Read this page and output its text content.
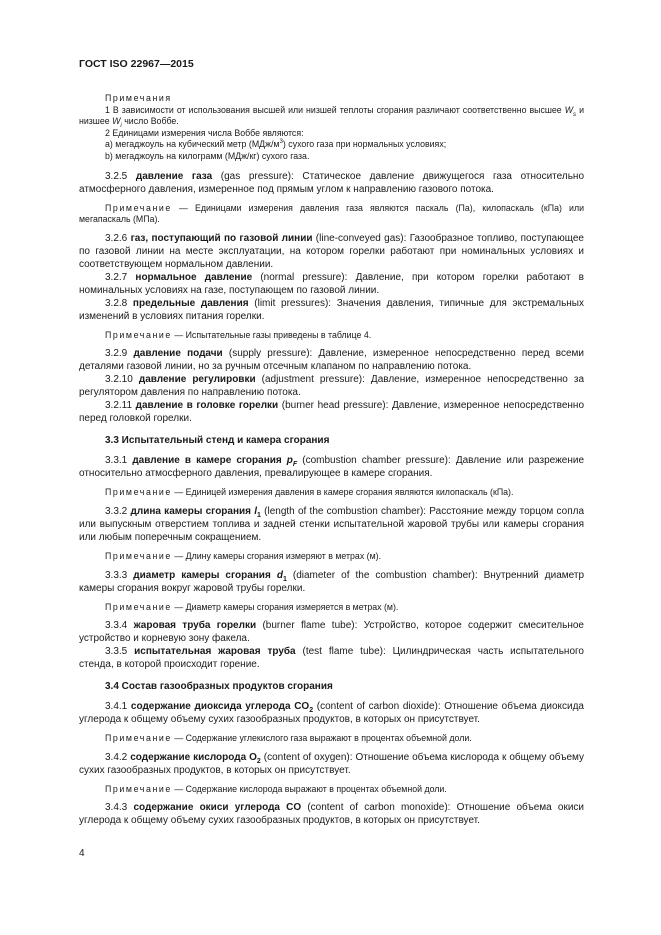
ГОСТ ISO 22967—2015

Примечания

1 В зависимости от использования высшей или низшей теплоты сгорания различают соответственно высшее $W_s$ и низшее $W_i$ число Воббе.

2 Единицами измерения числа Воббе являются:

а) мегаджоуль на кубический метр $(МДж/м^3)$ сухого газа при нормальных условиях;

b) мегаджоуль на килограмм (МДж/кг) сухого газа.

3.2.5 давление газа (gas pressure): Статическое давление движущегося газа относительно атмосферного давления, измеренное под прямым углом к направлению газового потока.

Примечание — Единицами измерения давления газа являются паскаль (Па), килопаскаль (кПа) или мегапаскаль (МПа).

3.2.6 газ, поступающий по газовой линии (line-conveyed gas): Газообразное топливо, поступающее по газовой линии на месте эксплуатации, на котором горелки работают при номинальных условиях и соответствующем нормальном давлении.

3.2.7 нормальное давление (normal pressure): Давление, при котором горелки работают в номинальных условиях на газе, поступающем по газовой линии.

3.2.8 предельные давления (limit pressures): Значения давления, типичные для экстремальных изменений в условиях питания горелки.

Примечание — Испытательные газы приведены в таблице 4.

3.2.9 давление подачи (supply pressure): Давление, измеренное непосредственно перед всеми деталями газовой линии, но за ручным отсечным клапаном по направлению потока.

3.2.10 давление регулировки (adjustment pressure): Давление, измеренное непосредственно за регулятором давления по направлению потока.

3.2.11 давление в головке горелки (burner head pressure): Давление, измеренное непосредственно перед головкой горелки.

3.3 Испытательный стенд и камера сгорания

3.3.1 давление в камере сгорания $p_F$ (combustion chamber pressure): Давление или разрежение относительно атмосферного давления, превалирующее в камере сгорания.

Примечание — Единицей измерения давления в камере сгорания являются килопаскаль (кПа).

3.3.2 длина камеры сгорания $l_1$ (length of the combustion chamber): Расстояние между торцом сопла или выпускным отверстием топлива и задней стенки испытательной жаровой трубы или камеры сгорания или любым поперечным сокращением.

Примечание — Длину камеры сгорания измеряют в метрах (м).

3.3.3 диаметр камеры сгорания $d_1$ (diameter of the combustion chamber): Внутренний диаметр камеры сгорания вокруг жаровой трубы горелки.

Примечание — Диаметр камеры сгорания измеряется в метрах (м).

3.3.4 жаровая труба горелки (burner flame tube): Устройство, которое содержит смесительное устройство и корневую зону факела.

3.3.5 испытательная жаровая труба (test flame tube): Цилиндрическая часть испытательного стенда, в которой происходит горение.

3.4 Состав газообразных продуктов сгорания

3.4.1 содержание диоксида углерода $CO_2$ (content of carbon dioxide): Отношение объема диоксида углерода к общему объему сухих газообразных продуктов, в которых он присутствует.

Примечание — Содержание углекислого газа выражают в процентах объемной доли.

3.4.2 содержание кислорода $O_2$ (content of oxygen): Отношение объема кислорода к общему объему сухих газообразных продуктов, в которых он присутствует.

Примечание — Содержание кислорода выражают в процентах объемной доли.

3.4.3 содержание окиси углерода CO (content of carbon monoxide): Отношение объема окиси углерода к общему объему сухих газообразных продуктов, в которых он присутствует.

4
